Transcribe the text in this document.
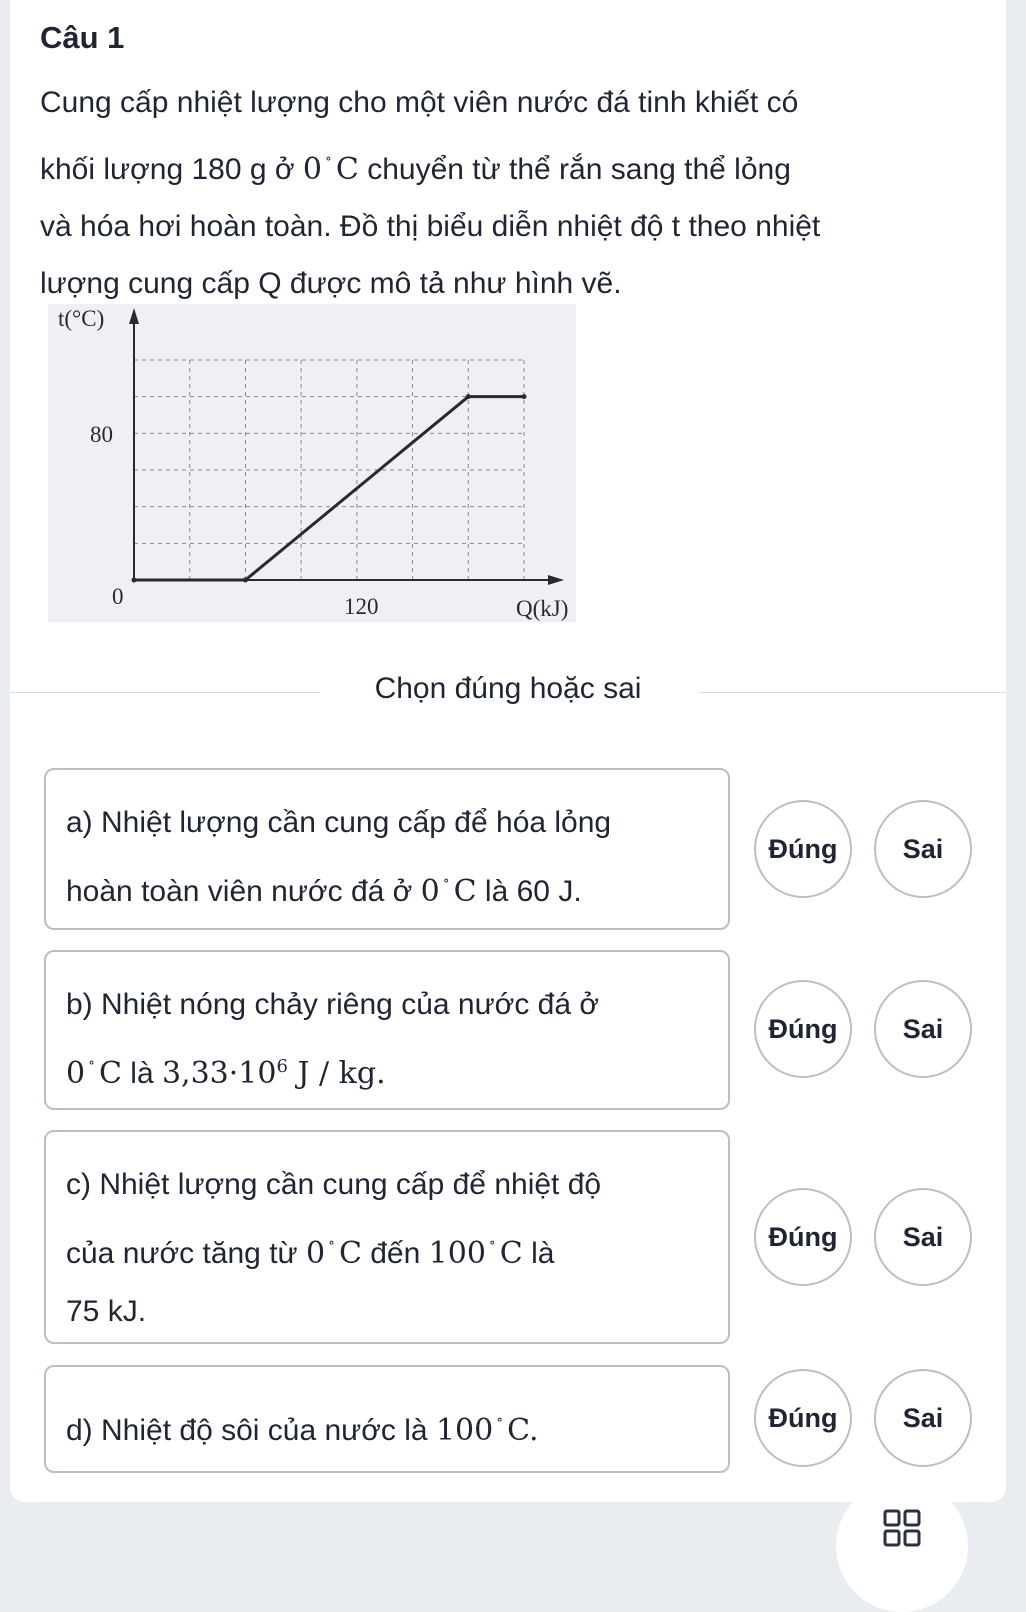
Câu 1
Cung cấp nhiệt lượng cho một viên nước đá tinh khiết có
khối lượng 180 g ở 0 ∘ C chuyển từ thể rắn sang thể lỏng
và hóa hơi hoàn toàn. Đồ thị biểu diễn nhiệt độ t theo nhiệt
lượng cung cấp Q được mô tả như hình vẽ.
t(°C)
Q(kJ)
0	120
80
Chọn đúng hoặc sai
a) Nhiệt lượng cần cung cấp để hóa lỏng
hoàn toàn viên nước đá ở 0 ∘ C là 60 J.
Đúng	Sai
b) Nhiệt nóng chảy riêng của nước đá ở
0 ∘ C là $3,33\cdot 10^6$ J / kg.
Đúng	Sai
c) Nhiệt lượng cần cung cấp để nhiệt độ
của nước tăng từ 0 ∘ C đến 100 ∘ C là
75 kJ.
Đúng	Sai
d) Nhiệt độ sôi của nước là 100 ∘ C.	Đúng	Sai
